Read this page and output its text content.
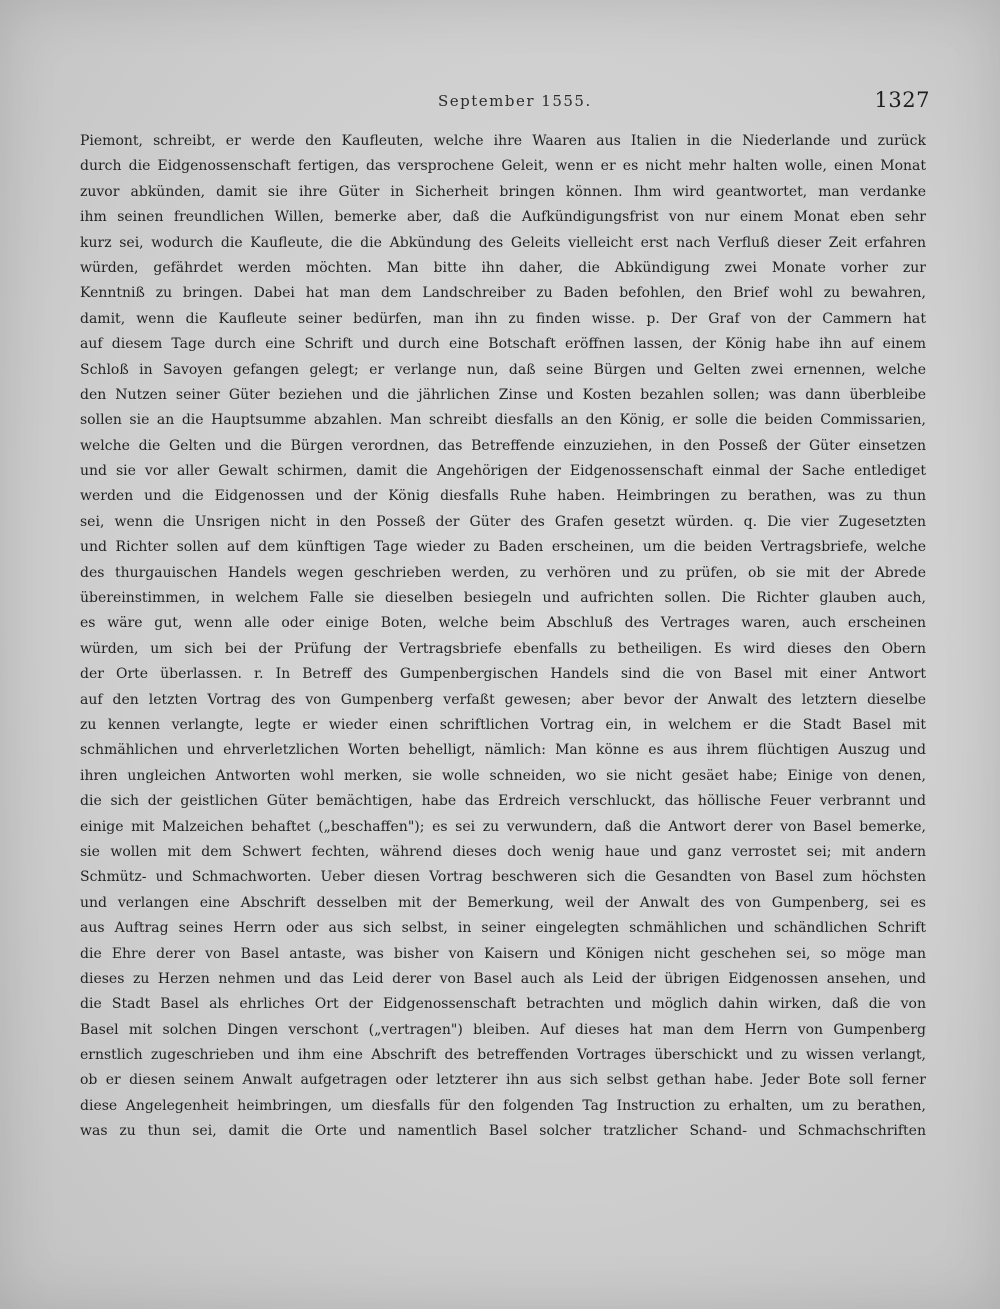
September 1555.	1327
Piemont, schreibt, er werde den Kaufleuten, welche ihre Waaren aus Italien in die Niederlande und zurück
durch die Eidgenossenschaft fertigen, das versprochene Geleit, wenn er es nicht mehr halten wolle, einen Monat
zuvor abkünden, damit sie ihre Güter in Sicherheit bringen können. Ihm wird geantwortet, man verdanke
ihm seinen freundlichen Willen, bemerke aber, daß die Aufkündigungsfrist von nur einem Monat eben sehr
kurz sei, wodurch die Kaufleute, die die Abkündung des Geleits vielleicht erst nach Verfluß dieser Zeit erfahren
würden, gefährdet werden möchten. Man bitte ihn daher, die Abkündigung zwei Monate vorher zur
Kenntniß zu bringen. Dabei hat man dem Landschreiber zu Baden befohlen, den Brief wohl zu bewahren,
damit, wenn die Kaufleute seiner bedürfen, man ihn zu finden wisse. p. Der Graf von der Cammern hat
auf diesem Tage durch eine Schrift und durch eine Botschaft eröffnen lassen, der König habe ihn auf einem
Schloß in Savoyen gefangen gelegt; er verlange nun, daß seine Bürgen und Gelten zwei ernennen, welche
den Nutzen seiner Güter beziehen und die jährlichen Zinse und Kosten bezahlen sollen; was dann überbleibe
sollen sie an die Hauptsumme abzahlen. Man schreibt diesfalls an den König, er solle die beiden Commissarien,
welche die Gelten und die Bürgen verordnen, das Betreffende einzuziehen, in den Posseß der Güter einsetzen
und sie vor aller Gewalt schirmen, damit die Angehörigen der Eidgenossenschaft einmal der Sache entlediget
werden und die Eidgenossen und der König diesfalls Ruhe haben. Heimbringen zu berathen, was zu thun
sei, wenn die Unsrigen nicht in den Posseß der Güter des Grafen gesetzt würden. q. Die vier Zugesetzten
und Richter sollen auf dem künftigen Tage wieder zu Baden erscheinen, um die beiden Vertragsbriefe, welche
des thurgauischen Handels wegen geschrieben werden, zu verhören und zu prüfen, ob sie mit der Abrede
übereinstimmen, in welchem Falle sie dieselben besiegeln und aufrichten sollen. Die Richter glauben auch,
es wäre gut, wenn alle oder einige Boten, welche beim Abschluß des Vertrages waren, auch erscheinen
würden, um sich bei der Prüfung der Vertragsbriefe ebenfalls zu betheiligen. Es wird dieses den Obern
der Orte überlassen. r. In Betreff des Gumpenbergischen Handels sind die von Basel mit einer Antwort
auf den letzten Vortrag des von Gumpenberg verfaßt gewesen; aber bevor der Anwalt des letztern dieselbe
zu kennen verlangte, legte er wieder einen schriftlichen Vortrag ein, in welchem er die Stadt Basel mit
schmählichen und ehrverletzlichen Worten behelligt, nämlich: Man könne es aus ihrem flüchtigen Auszug und
ihren ungleichen Antworten wohl merken, sie wolle schneiden, wo sie nicht gesäet habe; Einige von denen,
die sich der geistlichen Güter bemächtigen, habe das Erdreich verschluckt, das höllische Feuer verbrannt und
einige mit Malzeichen behaftet („beschaffen"); es sei zu verwundern, daß die Antwort derer von Basel bemerke,
sie wollen mit dem Schwert fechten, während dieses doch wenig haue und ganz verrostet sei; mit andern
Schmütz- und Schmachworten. Ueber diesen Vortrag beschweren sich die Gesandten von Basel zum höchsten
und verlangen eine Abschrift desselben mit der Bemerkung, weil der Anwalt des von Gumpenberg, sei es
aus Auftrag seines Herrn oder aus sich selbst, in seiner eingelegten schmählichen und schändlichen Schrift
die Ehre derer von Basel antaste, was bisher von Kaisern und Königen nicht geschehen sei, so möge man
dieses zu Herzen nehmen und das Leid derer von Basel auch als Leid der übrigen Eidgenossen ansehen, und
die Stadt Basel als ehrliches Ort der Eidgenossenschaft betrachten und möglich dahin wirken, daß die von
Basel mit solchen Dingen verschont („vertragen") bleiben. Auf dieses hat man dem Herrn von Gumpenberg
ernstlich zugeschrieben und ihm eine Abschrift des betreffenden Vortrages überschickt und zu wissen verlangt,
ob er diesen seinem Anwalt aufgetragen oder letzterer ihn aus sich selbst gethan habe. Jeder Bote soll ferner
diese Angelegenheit heimbringen, um diesfalls für den folgenden Tag Instruction zu erhalten, um zu berathen,
was zu thun sei, damit die Orte und namentlich Basel solcher tratzlicher Schand- und Schmachschriften
